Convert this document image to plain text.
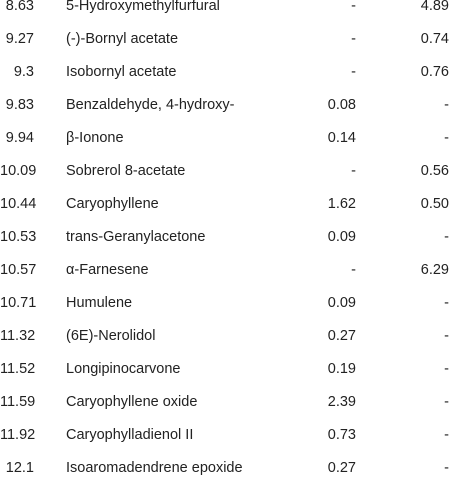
8.63 5-Hydroxymethylfurfural	-	4.89
9.27 (-)-Bornyl acetate	-	0.74
9.3 Isobornyl acetate	-	0.76
9.83 Benzaldehyde, 4-hydroxy-	0.08	-
9.94 β-Ionone	0.14	-
10.09 Sobrerol 8-acetate	-	0.56
10.44 Caryophyllene	1.62	0.50
10.53 trans-Geranylacetone	0.09	-
10.57 α-Farnesene	-	6.29
10.71 Humulene	0.09	-
11.32 (6E)-Nerolidol	0.27	-
11.52 Longipinocarvone	0.19	-
11.59 Caryophyllene oxide	2.39	-
11.92 Caryophylladienol II	0.73	-
12.1 Isoaromadendrene epoxide	0.27	-
